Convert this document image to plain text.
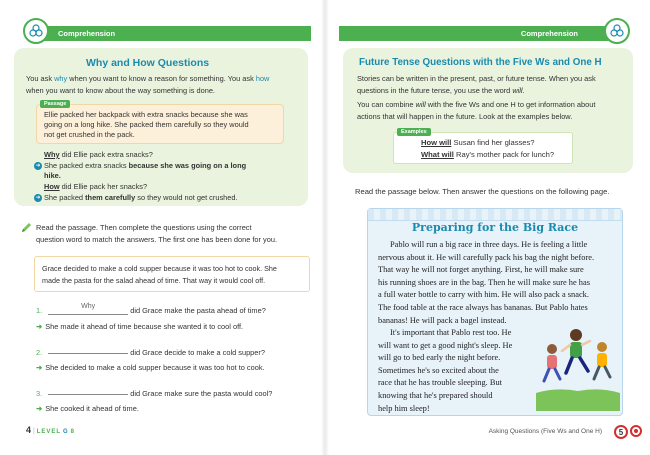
Comprehension
Why and How Questions
You ask why when you want to know a reason for something. You ask how
when you want to know about the way something is done.
Passage
Ellie packed her backpack with extra snacks because she was
going on a long hike. She packed them carefully so they would
not get crushed in the pack.
Why did Ellie pack extra snacks?
➜ She packed extra snacks because she was going on a long
hike.
How did Ellie pack her snacks?
➜ She packed them carefully so they would not get crushed.
Read the passage. Then complete the questions using the correct
question word to match the answers. The first one has been done for you.
Grace decided to make a cold supper because it was too hot to cook. She
made the pasta for the salad ahead of time. That way it would cool off.
1.	Why	did Grace make the pasta ahead of time?
➜ She made it ahead of time because she wanted it to cool off.
2.	did Grace decide to make a cold supper?
➜ She decided to make a cold supper because it was too hot to cook.
3.	did Grace make sure the pasta would cool?
➜ She cooked it ahead of time.
4 | LEVEL G 8
Comprehension
Future Tense Questions with the Five Ws and One H
Stories can be written in the present, past, or future tense. When you ask
questions in the future tense, you use the word will.
You can combine will with the five Ws and one H to get information about
actions that will happen in the future. Look at the examples below.
Examples
How will Susan find her glasses?
What will Ray's mother pack for lunch?
Read the passage below. Then answer the questions on the following page.
Preparing for the Big Race
Pablo will run a big race in three days. He is feeling a little
nervous about it. He will carefully pack his bag the night before.
That way he will not forget anything. First, he will make sure
his running shoes are in the bag. Then he will make sure he has
a full water bottle to carry with him. He will also pack a snack.
The food table at the race always has bananas. But Pablo hates
bananas! He will pack a bagel instead.
It's important that Pablo rest too. He
will want to get a good night's sleep. He
will go to bed early the night before.
Sometimes he's so excited about the
race that he has trouble sleeping. But
knowing that he's prepared should
help him sleep!
Asking Questions (Five Ws and One H)	5
